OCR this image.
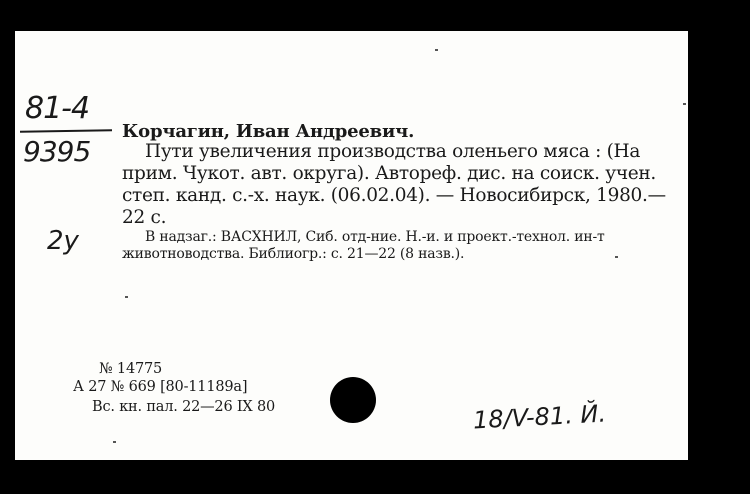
81-4
9395
2y
Корчагин, Иван Андреевич.
Пути увеличения производства оленьего мяса : (На
прим. Чукот. авт. округа). Автореф. дис. на соиск. учен.
степ. канд. с.-х. наук. (06.02.04). — Новосибирск, 1980.—
22 с.
В надзаг.: ВАСХНИЛ, Сиб. отд-ние. Н.-и. и проект.-технол. ин-т
животноводства. Библиогр.: с. 21—22 (8 назв.).
№ 14775
А 27 № 669 [80-11189а]
Вс. кн. пал. 22—26 IX 80	18/V-81. Й.
